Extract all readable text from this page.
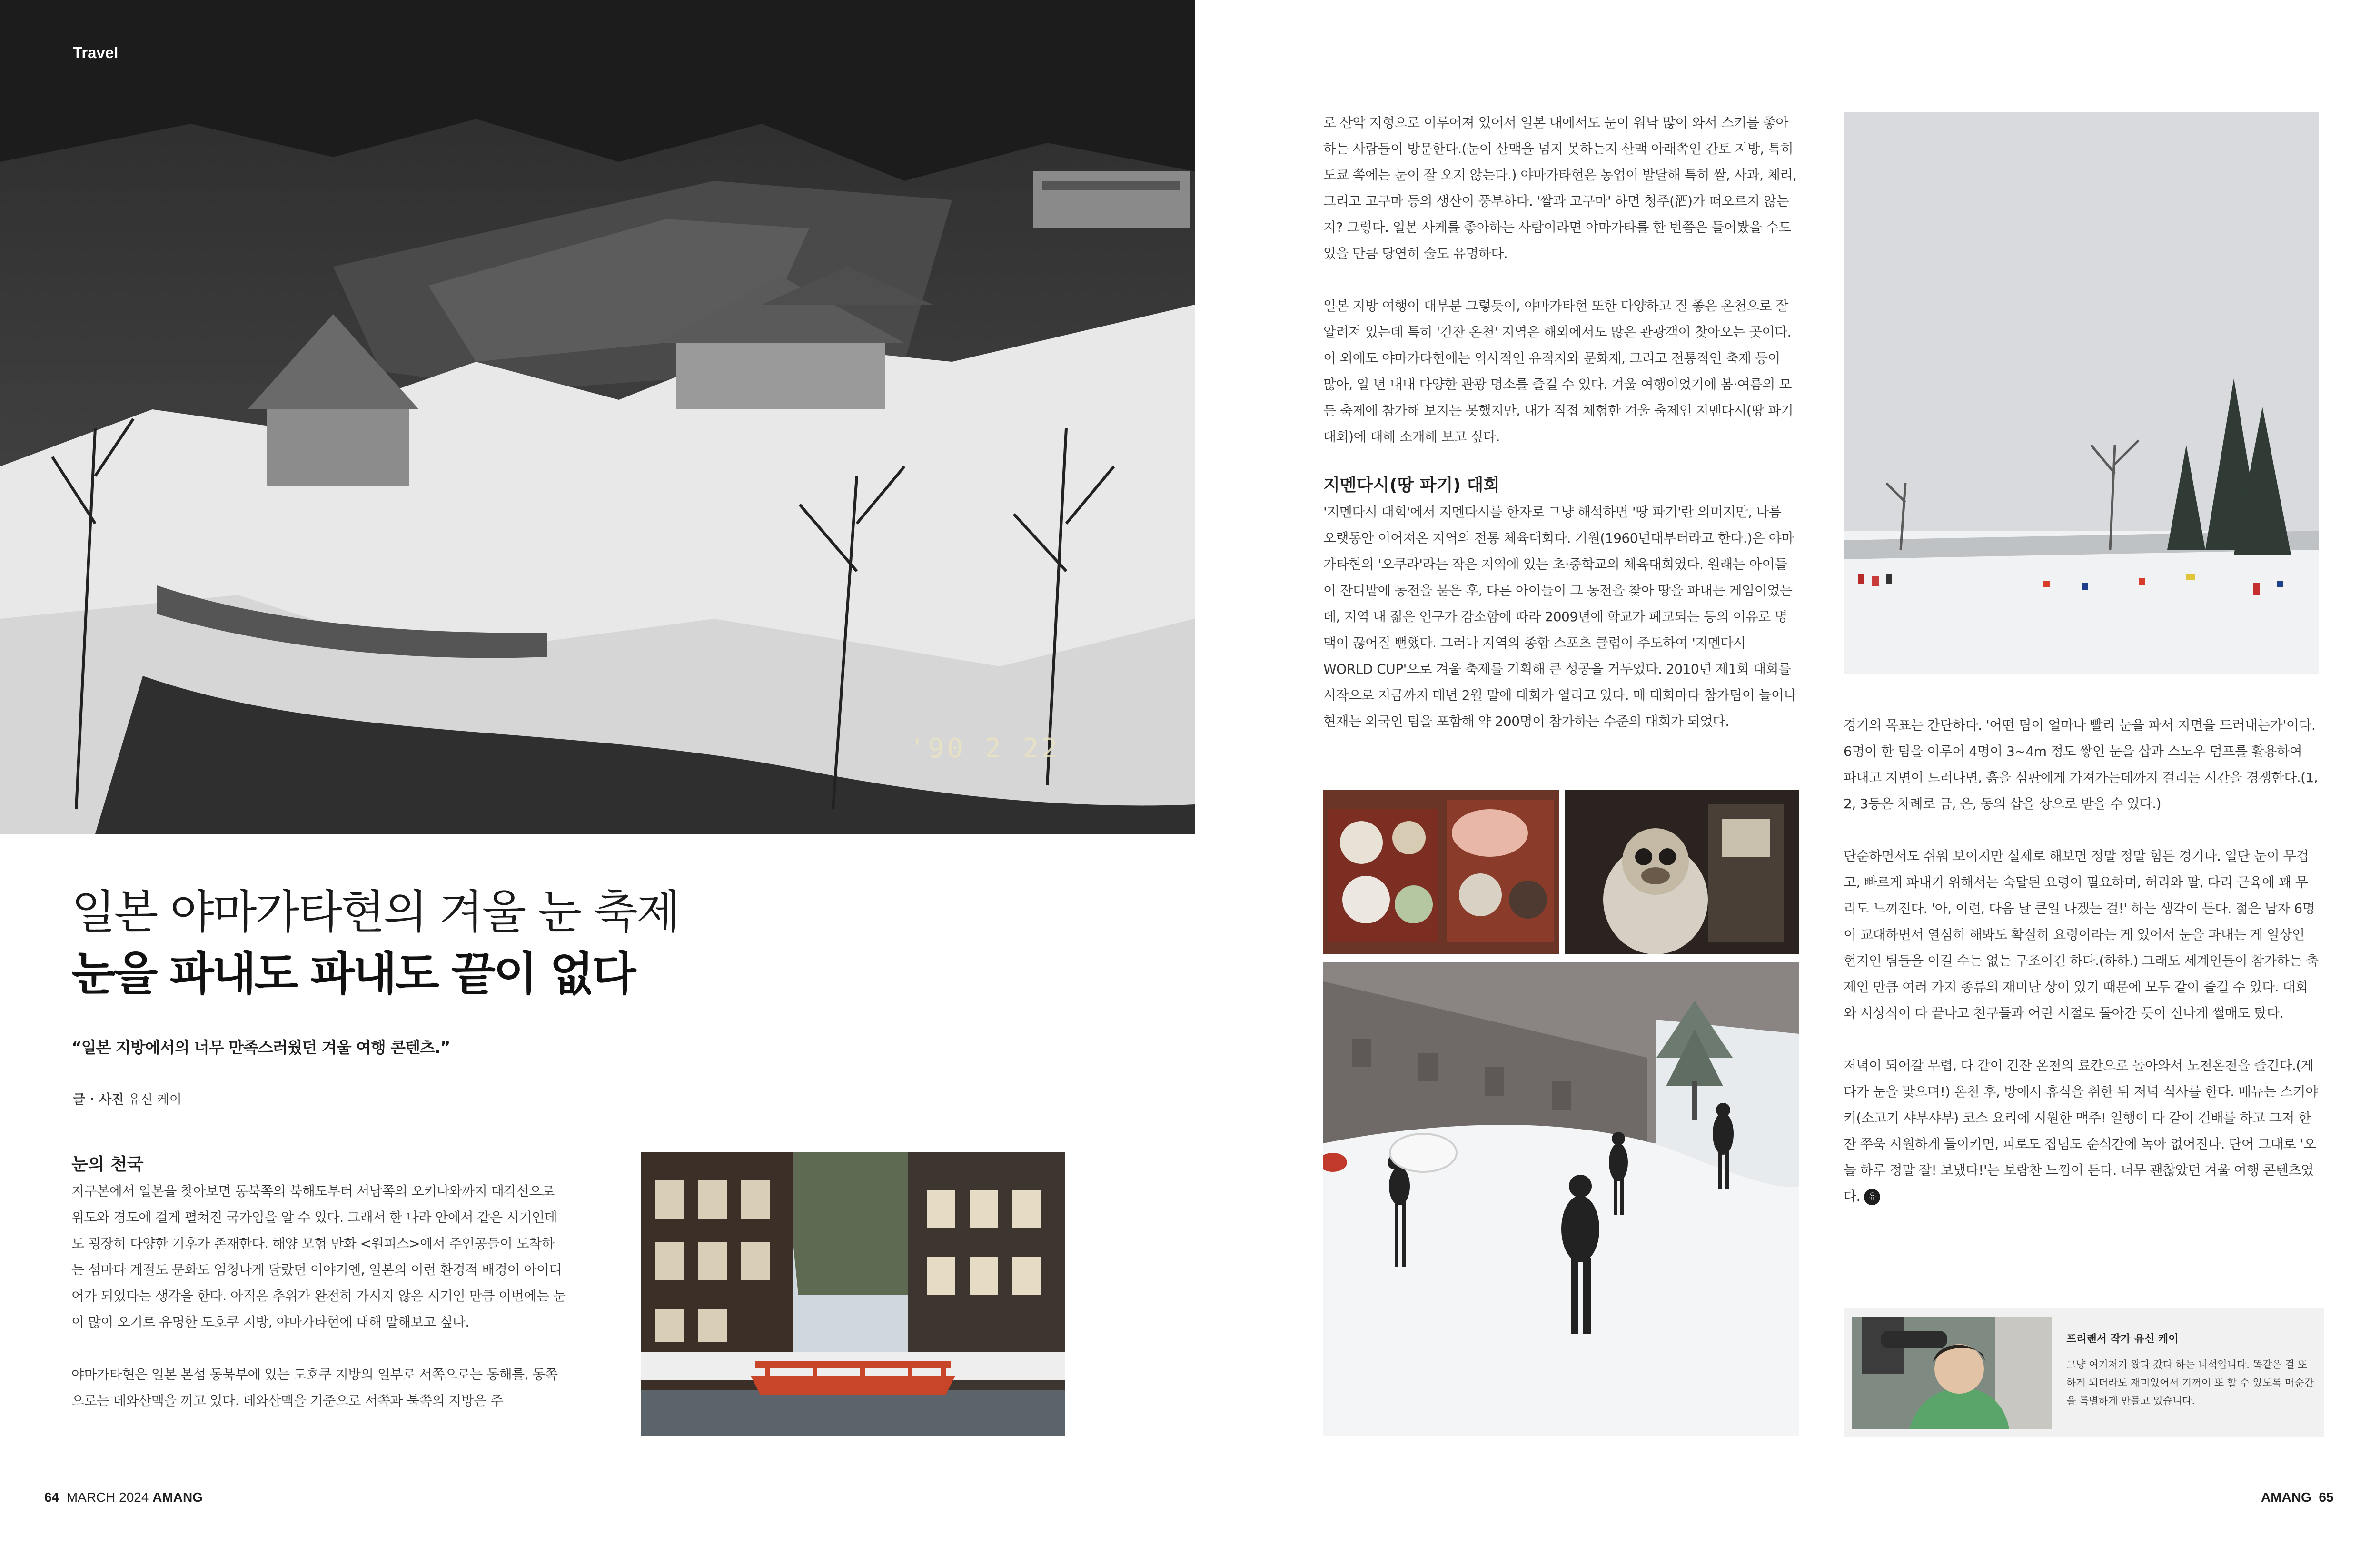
'90 2 22
Travel
일본 야마가타현의 겨울 눈 축제
눈을 파내도 파내도 끝이 없다
“일본 지방에서의 너무 만족스러웠던 겨울 여행 콘텐츠.”
글 · 사진 유신 케이

눈의 천국

지구본에서 일본을 찾아보면 동북쪽의 북해도부터 서남쪽의 오키나와까지 대각선으로 위도와 경도에 걸게 펼쳐진 국가임을 알 수 있다. 그래서 한 나라 안에서 같은 시기인데도 굉장히 다양한 기후가 존재한다. 해양 모험 만화 <원피스>에서 주인공들이 도착하는 섬마다 계절도 문화도 엄청나게 달랐던 이야기엔, 일본의 이런 환경적 배경이 아이디어가 되었다는 생각을 한다. 아직은 추위가 완전히 가시지 않은 시기인 만큼 이번에는 눈이 많이 오기로 유명한 도호쿠 지방, 야마가타현에 대해 말해보고 싶다.

야마가타현은 일본 본섬 동북부에 있는 도호쿠 지방의 일부로 서쪽으로는 동해를, 동쪽으로는 데와산맥을 끼고 있다. 데와산맥을 기준으로 서쪽과 북쪽의 지방은 주

64 MARCH 2024 AMANG

로 산악 지형으로 이루어져 있어서 일본 내에서도 눈이 워낙 많이 와서 스키를 좋아하는 사람들이 방문한다.(눈이 산맥을 넘지 못하는지 산맥 아래쪽인 간토 지방, 특히 도쿄 쪽에는 눈이 잘 오지 않는다.) 야마가타현은 농업이 발달해 특히 쌀, 사과, 체리, 그리고 고구마 등의 생산이 풍부하다. '쌀과 고구마' 하면 청주(酒)가 떠오르지 않는지? 그렇다. 일본 사케를 좋아하는 사람이라면 야마가타를 한 번쯤은 들어봤을 수도 있을 만큼 당연히 술도 유명하다.

일본 지방 여행이 대부분 그렇듯이, 야마가타현 또한 다양하고 질 좋은 온천으로 잘 알려져 있는데 특히 '긴잔 온천' 지역은 해외에서도 많은 관광객이 찾아오는 곳이다. 이 외에도 야마가타현에는 역사적인 유적지와 문화재, 그리고 전통적인 축제 등이 많아, 일 년 내내 다양한 관광 명소를 즐길 수 있다. 겨울 여행이었기에 봄·여름의 모든 축제에 참가해 보지는 못했지만, 내가 직접 체험한 겨울 축제인 지멘다시(땅 파기 대회)에 대해 소개해 보고 싶다.

지멘다시(땅 파기) 대회

'지멘다시 대회'에서 지멘다시를 한자로 그냥 해석하면 '땅 파기'란 의미지만, 나름 오랫동안 이어져온 지역의 전통 체육대회다. 기원(1960년대부터라고 한다.)은 야마가타현의 '오쿠라'라는 작은 지역에 있는 초·중학교의 체육대회였다. 원래는 아이들이 잔디밭에 동전을 묻은 후, 다른 아이들이 그 동전을 찾아 땅을 파내는 게임이었는데, 지역 내 젊은 인구가 감소함에 따라 2009년에 학교가 폐교되는 등의 이유로 명맥이 끊어질 뻔했다. 그러나 지역의 종합 스포츠 클럽이 주도하여 '지멘다시 WORLD CUP'으로 겨울 축제를 기획해 큰 성공을 거두었다. 2010년 제1회 대회를 시작으로 지금까지 매년 2월 말에 대회가 열리고 있다. 매 대회마다 참가팀이 늘어나 현재는 외국인 팀을 포함해 약 200명이 참가하는 수준의 대회가 되었다.	경기의 목표는 간단하다. '어떤 팀이 얼마나 빨리 눈을 파서 지면을 드러내는가'이다. 6명이 한 팀을 이루어 4명이 3~4m 정도 쌓인 눈을 삽과 스노우 덤프를 활용하여 파내고 지면이 드러나면, 흙을 심판에게 가져가는데까지 걸리는 시간을 경쟁한다.(1, 2, 3등은 차례로 금, 은, 동의 삽을 상으로 받을 수 있다.)

단순하면서도 쉬워 보이지만 실제로 해보면 정말 정말 힘든 경기다. 일단 눈이 무겁고, 빠르게 파내기 위해서는 숙달된 요령이 필요하며, 허리와 팔, 다리 근육에 꽤 무리도 느껴진다. '아, 이런, 다음 날 큰일 나겠는 걸!' 하는 생각이 든다. 젊은 남자 6명이 교대하면서 열심히 해봐도 확실히 요령이라는 게 있어서 눈을 파내는 게 일상인 현지인 팀들을 이길 수는 없는 구조이긴 하다.(하하.) 그래도 세계인들이 참가하는 축제인 만큼 여러 가지 종류의 재미난 상이 있기 때문에 모두 같이 즐길 수 있다. 대회와 시상식이 다 끝나고 친구들과 어린 시절로 돌아간 듯이 신나게 썰매도 탔다.

저녁이 되어갈 무렵, 다 같이 긴잔 온천의 료칸으로 돌아와서 노천온천을 즐긴다.(게다가 눈을 맞으며!) 온천 후, 방에서 휴식을 취한 뒤 저녁 식사를 한다. 메뉴는 스키야키(소고기 샤부샤부) 코스 요리에 시원한 맥주! 일행이 다 같이 건배를 하고 그저 한잔 쭈욱 시원하게 들이키면, 피로도 집념도 순식간에 녹아 없어진다. 단어 그대로 '오늘 하루 정말 잘! 보냈다!'는 보람찬 느낌이 든다. 너무 괜찮았던 겨울 여행 콘텐츠였다. 유

프리랜서 작가 유신 케이
그냥 여기저기 왔다 갔다 하는 너석입니다. 똑같은 걸 또 하게 되더라도 재미있어서 기꺼이 또 할 수 있도록 매순간을 특별하게 만들고 있습니다.
AMANG 65
